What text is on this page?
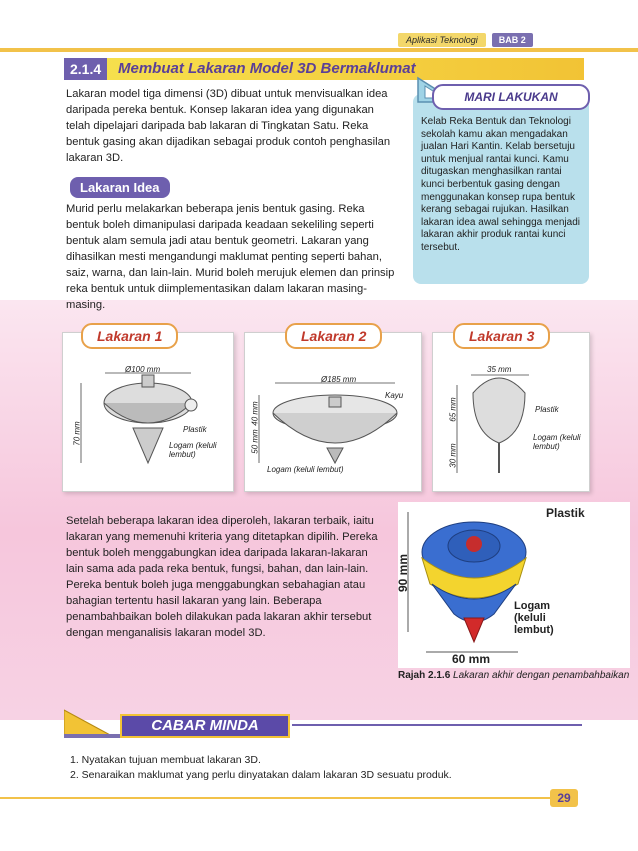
Aplikasi Teknologi	BAB 2
2.1.4	Membuat Lakaran Model 3D Bermaklumat
Lakaran model tiga dimensi (3D) dibuat untuk menvisualkan idea daripada pereka bentuk. Konsep lakaran idea yang digunakan telah dipelajari daripada bab lakaran di Tingkatan Satu. Reka bentuk gasing akan dijadikan sebagai produk contoh penghasilan lakaran 3D.
Lakaran Idea
Murid perlu melakarkan beberapa jenis bentuk gasing. Reka bentuk boleh dimanipulasi daripada keadaan sekeliling seperti bentuk alam semula jadi atau bentuk geometri. Lakaran yang dihasilkan mesti mengandungi maklumat penting seperti bahan, saiz, warna, dan lain-lain. Murid boleh merujuk elemen dan prinsip reka bentuk untuk diimplementasikan dalam lakaran masing-masing.
MARI LAKUKAN
Kelab Reka Bentuk dan Teknologi sekolah kamu akan mengadakan jualan Hari Kantin. Kelab bersetuju untuk menjual rantai kunci. Kamu ditugaskan menghasilkan rantai kunci berbentuk gasing dengan menggunakan konsep rupa bentuk kerang sebagai rujukan. Hasilkan lakaran idea awal sehingga menjadi lakaran akhir produk rantai kunci tersebut.
Lakaran 1
Ø100 mm
70 mm	Plastik
Logam (keluli lembut)
Lakaran 2
Ø185 mm
50 mm
40 mm
Kayu
Logam (keluli lembut)
Lakaran 3
35 mm
65 mm
30 mm
Plastik
Logam (keluli lembut)
Setelah beberapa lakaran idea diperoleh, lakaran terbaik, iaitu lakaran yang memenuhi kriteria yang ditetapkan dipilih. Pereka bentuk boleh menggabungkan idea daripada lakaran-lakaran lain sama ada pada reka bentuk, fungsi, bahan, dan lain-lain. Pereka bentuk boleh juga menggabungkan sebahagian atau bahagian tertentu hasil lakaran yang lain. Beberapa penambahbaikan boleh dilakukan pada lakaran akhir tersebut dengan menganalisis lakaran model 3D.
Plastik
Logam (keluli lembut)
90 mm
60 mm
Rajah 2.1.6 Lakaran akhir dengan penambahbaikan
CABAR MINDA
1. Nyatakan tujuan membuat lakaran 3D.
2. Senaraikan maklumat yang perlu dinyatakan dalam lakaran 3D sesuatu produk.
29
